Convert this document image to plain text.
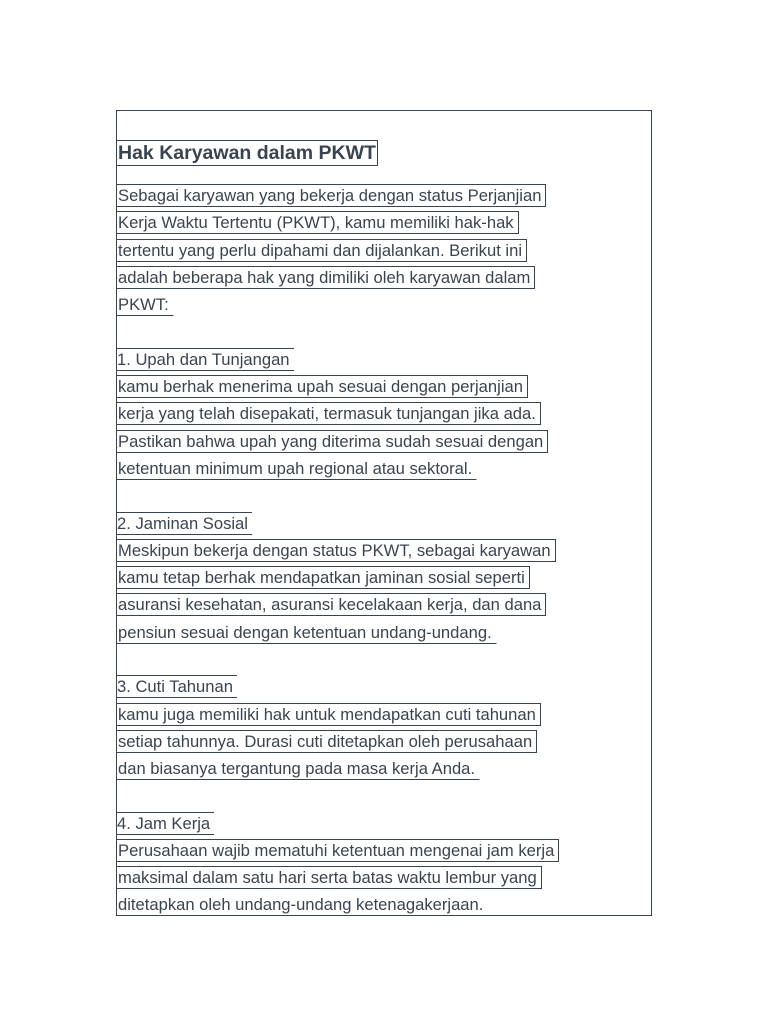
Hak Karyawan dalam PKWT
Sebagai karyawan yang bekerja dengan status Perjanjian
Kerja Waktu Tertentu (PKWT), kamu memiliki hak-hak
tertentu yang perlu dipahami dan dijalankan. Berikut ini
adalah beberapa hak yang dimiliki oleh karyawan dalam
PKWT:
1. Upah dan Tunjangan
kamu berhak menerima upah sesuai dengan perjanjian
kerja yang telah disepakati, termasuk tunjangan jika ada.
Pastikan bahwa upah yang diterima sudah sesuai dengan
ketentuan minimum upah regional atau sektoral.
2. Jaminan Sosial
Meskipun bekerja dengan status PKWT, sebagai karyawan
kamu tetap berhak mendapatkan jaminan sosial seperti
asuransi kesehatan, asuransi kecelakaan kerja, dan dana
pensiun sesuai dengan ketentuan undang-undang.
3. Cuti Tahunan
kamu juga memiliki hak untuk mendapatkan cuti tahunan
setiap tahunnya. Durasi cuti ditetapkan oleh perusahaan
dan biasanya tergantung pada masa kerja Anda.
4. Jam Kerja
Perusahaan wajib mematuhi ketentuan mengenai jam kerja
maksimal dalam satu hari serta batas waktu lembur yang
ditetapkan oleh undang-undang ketenagakerjaan.
